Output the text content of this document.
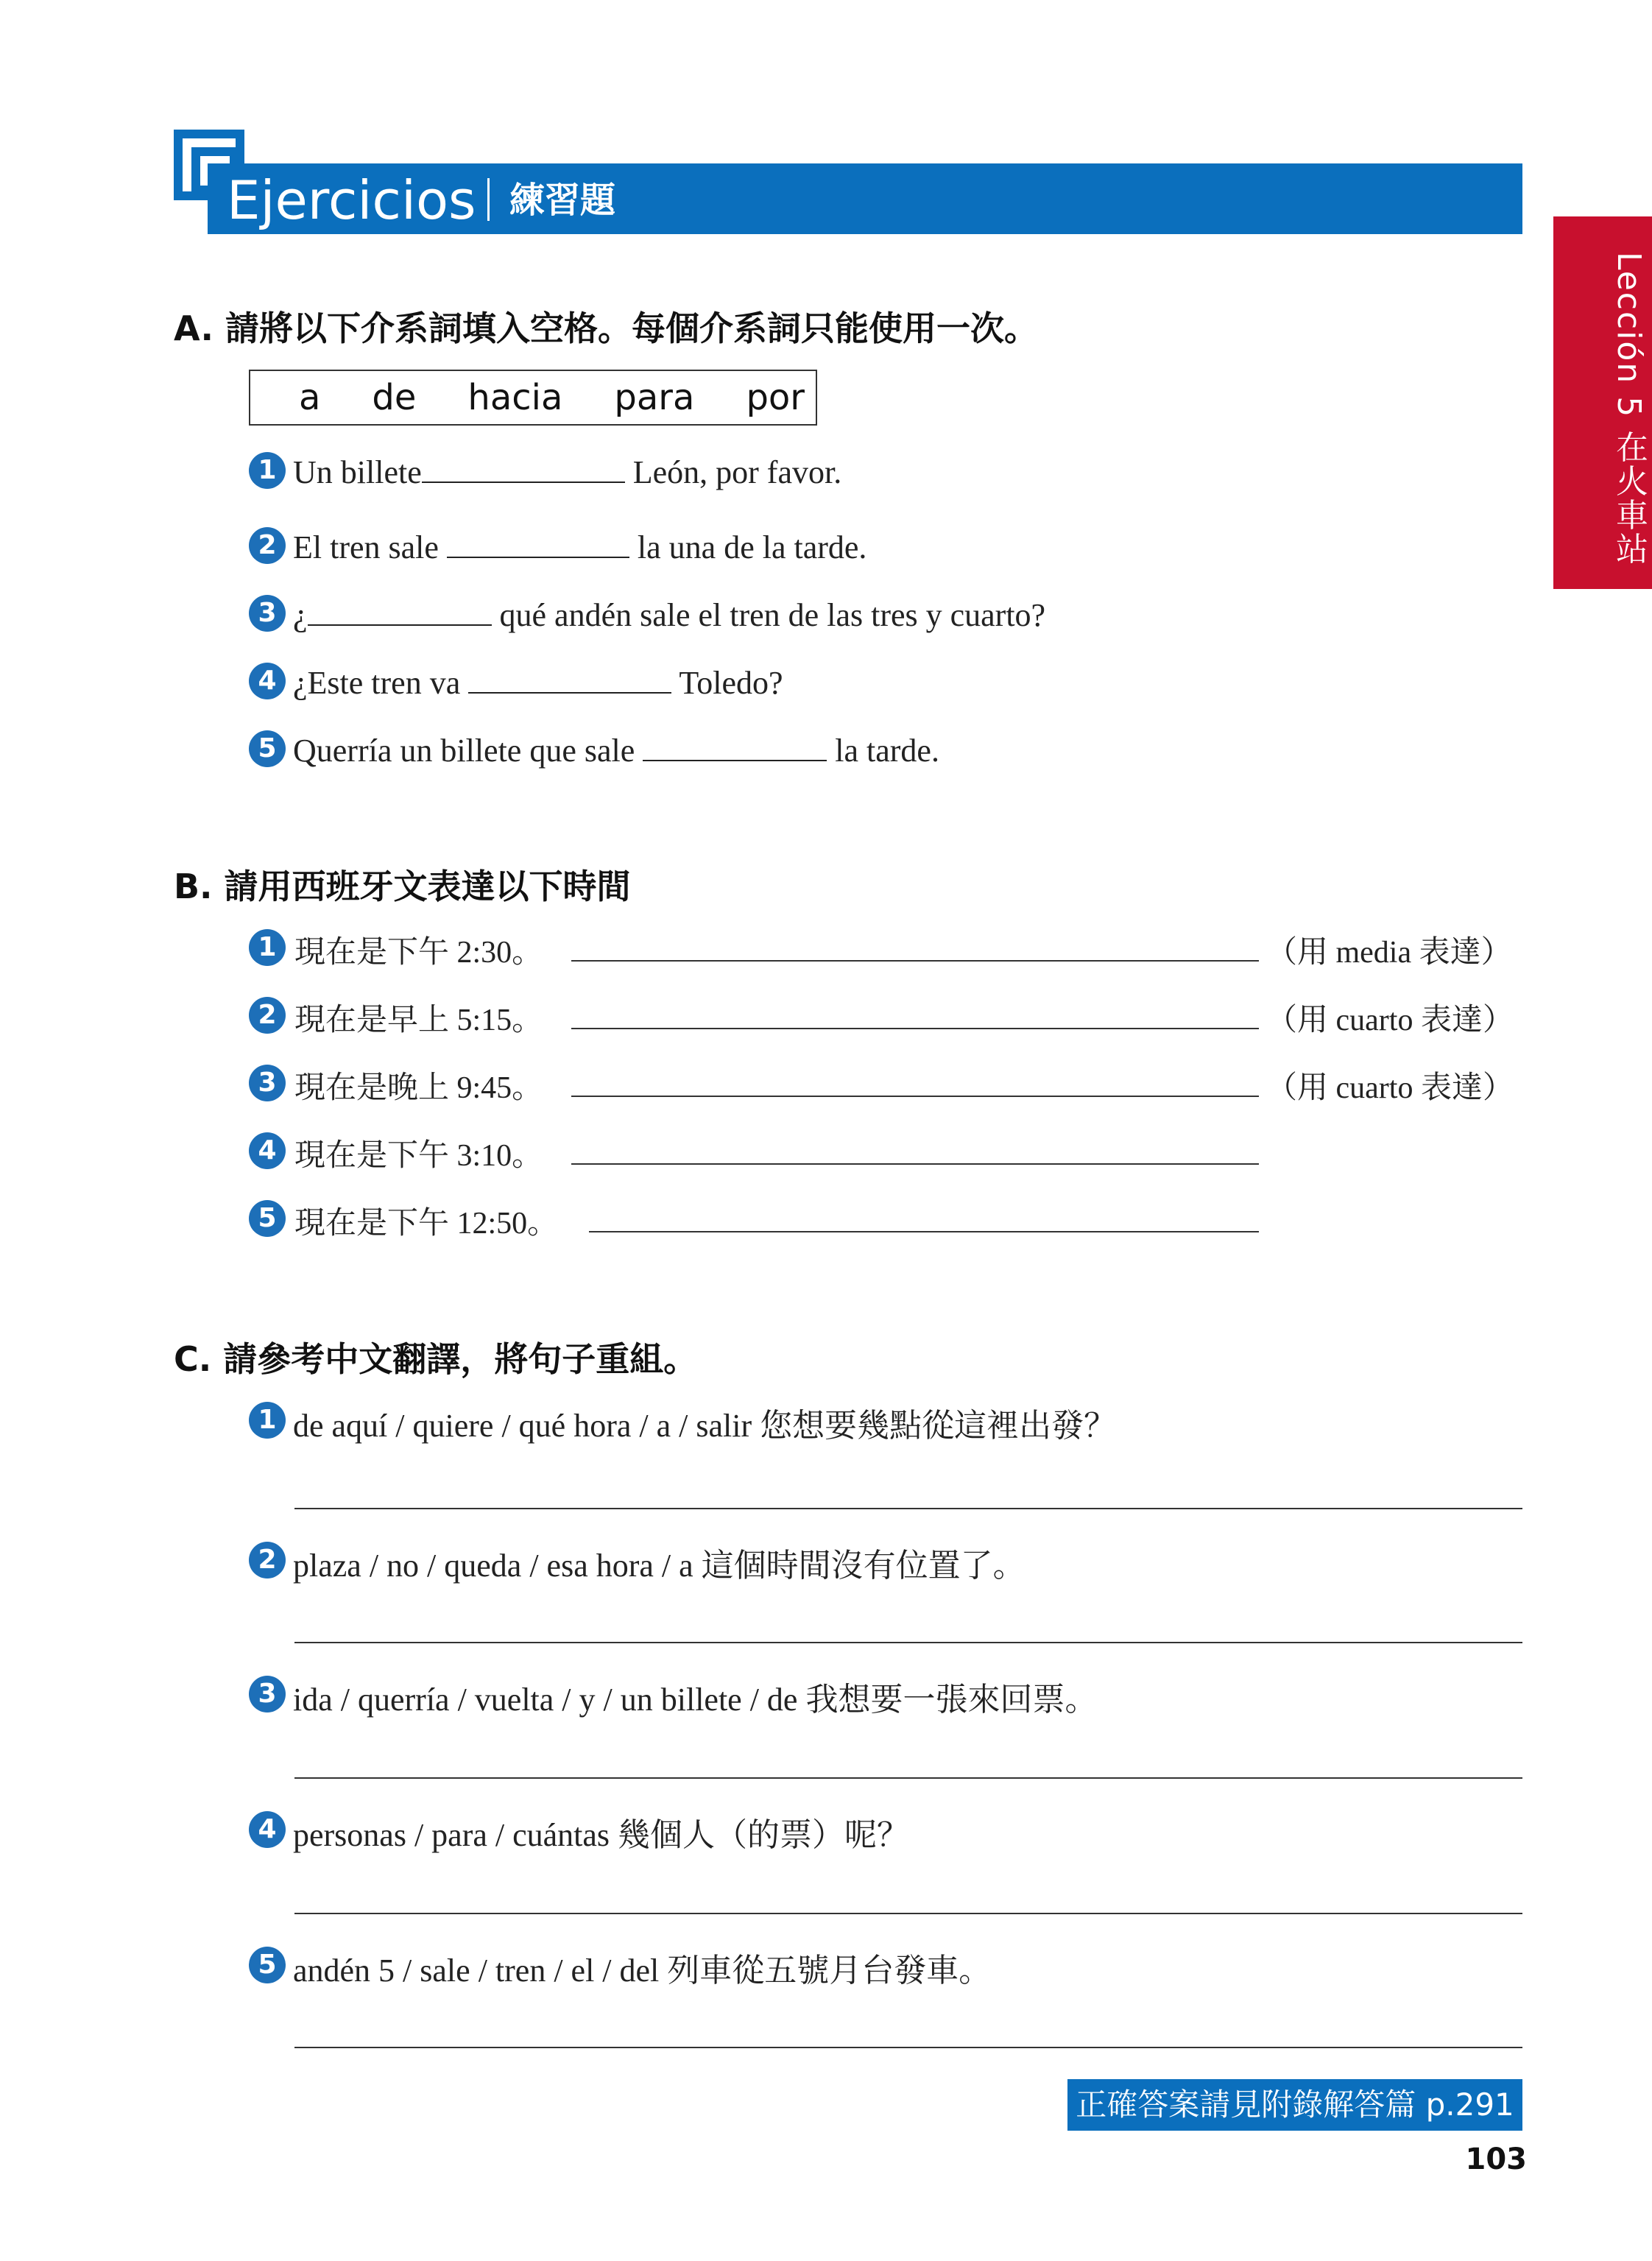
Ejercicios 練習題
Lección 5 在火車站
A. 請將以下介系詞填入空格。每個介系詞只能使用一次。
a de hacia para por
1 Un billete	León, por favor.
2 El tren sale	la una de la tarde.
3 ¿	qué andén sale el tren de las tres y cuarto?
4 ¿Este tren va	Toledo?
5 Querría un billete que sale	la tarde.
B. 請用西班牙文表達以下時間
1 現在是下午 2:30。	（用 media 表達）
2 現在是早上 5:15。	（用 cuarto 表達）
3 現在是晚上 9:45。	（用 cuarto 表達）
4 現在是下午 3:10。
5 現在是下午 12:50。
C. 請參考中文翻譯，將句子重組。
1 de aquí / quiere / qué hora / a / salir 您想要幾點從這裡出發？
2 plaza / no / queda / esa hora / a 這個時間沒有位置了。
3 ida / querría / vuelta / y / un billete / de 我想要一張來回票。
4 personas / para / cuántas 幾個人（的票）呢？
5 andén 5 / sale / tren / el / del 列車從五號月台發車。
正確答案請見附錄解答篇 p.291
103
